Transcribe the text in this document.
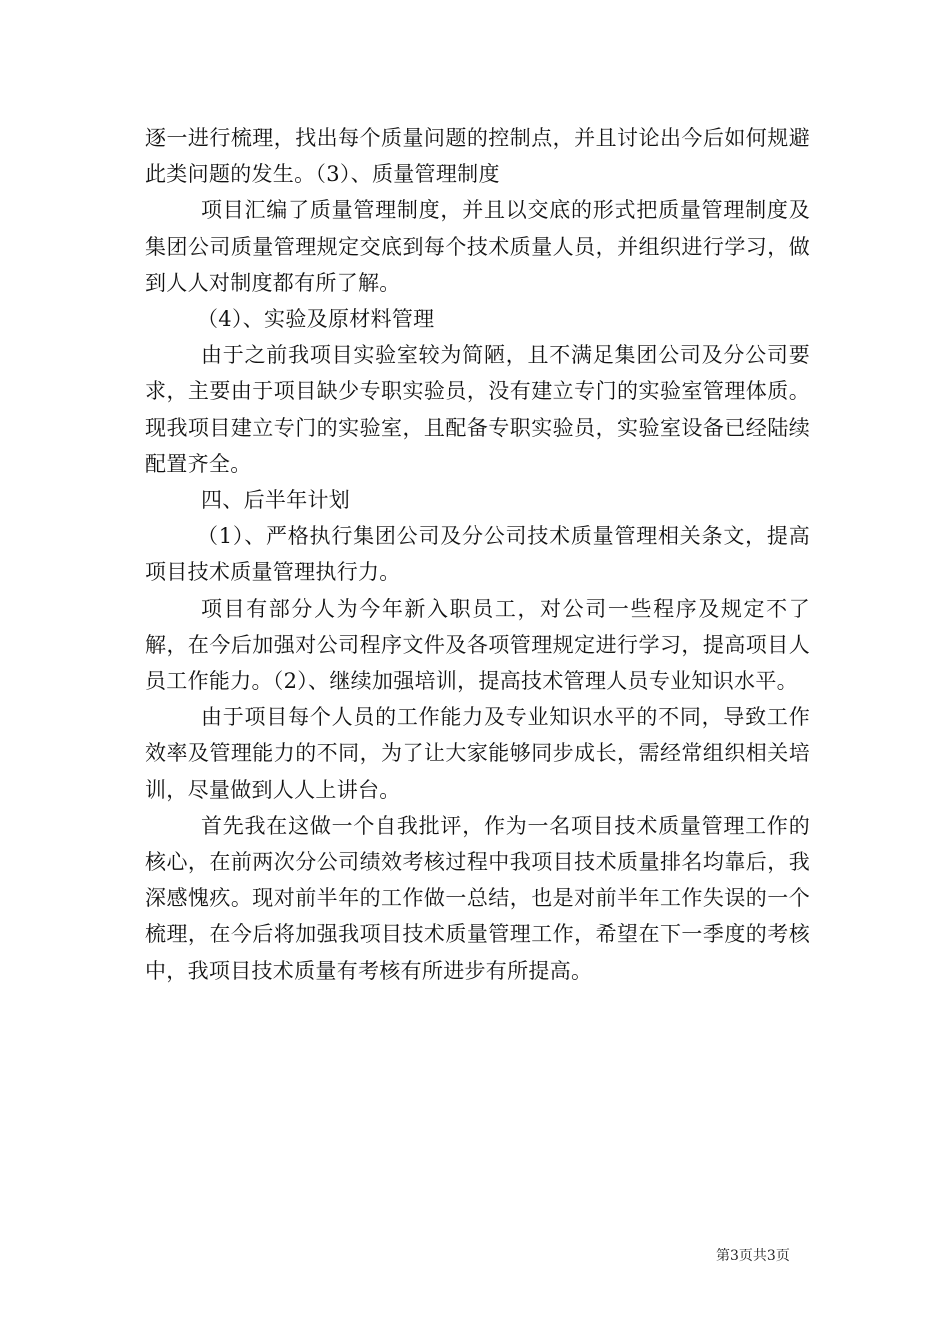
逐一进行梳理，找出每个质量问题的控制点，并且讨论出今后如何规避此类问题的发生。（3）、质量管理制度

项目汇编了质量管理制度，并且以交底的形式把质量管理制度及集团公司质量管理规定交底到每个技术质量人员，并组织进行学习，做到人人对制度都有所了解。

（4）、实验及原材料管理

由于之前我项目实验室较为简陋，且不满足集团公司及分公司要求，主要由于项目缺少专职实验员，没有建立专门的实验室管理体质。现我项目建立专门的实验室，且配备专职实验员，实验室设备已经陆续配置齐全。

四、后半年计划

（1）、严格执行集团公司及分公司技术质量管理相关条文，提高项目技术质量管理执行力。

项目有部分人为今年新入职员工，对公司一些程序及规定不了解，在今后加强对公司程序文件及各项管理规定进行学习，提高项目人员工作能力。（2）、继续加强培训，提高技术管理人员专业知识水平。

由于项目每个人员的工作能力及专业知识水平的不同，导致工作效率及管理能力的不同，为了让大家能够同步成长，需经常组织相关培训，尽量做到人人上讲台。

首先我在这做一个自我批评，作为一名项目技术质量管理工作的核心，在前两次分公司绩效考核过程中我项目技术质量排名均靠后，我深感愧疚。现对前半年的工作做一总结，也是对前半年工作失误的一个梳理，在今后将加强我项目技术质量管理工作，希望在下一季度的考核中，我项目技术质量有考核有所进步有所提高。

第3页共3页
